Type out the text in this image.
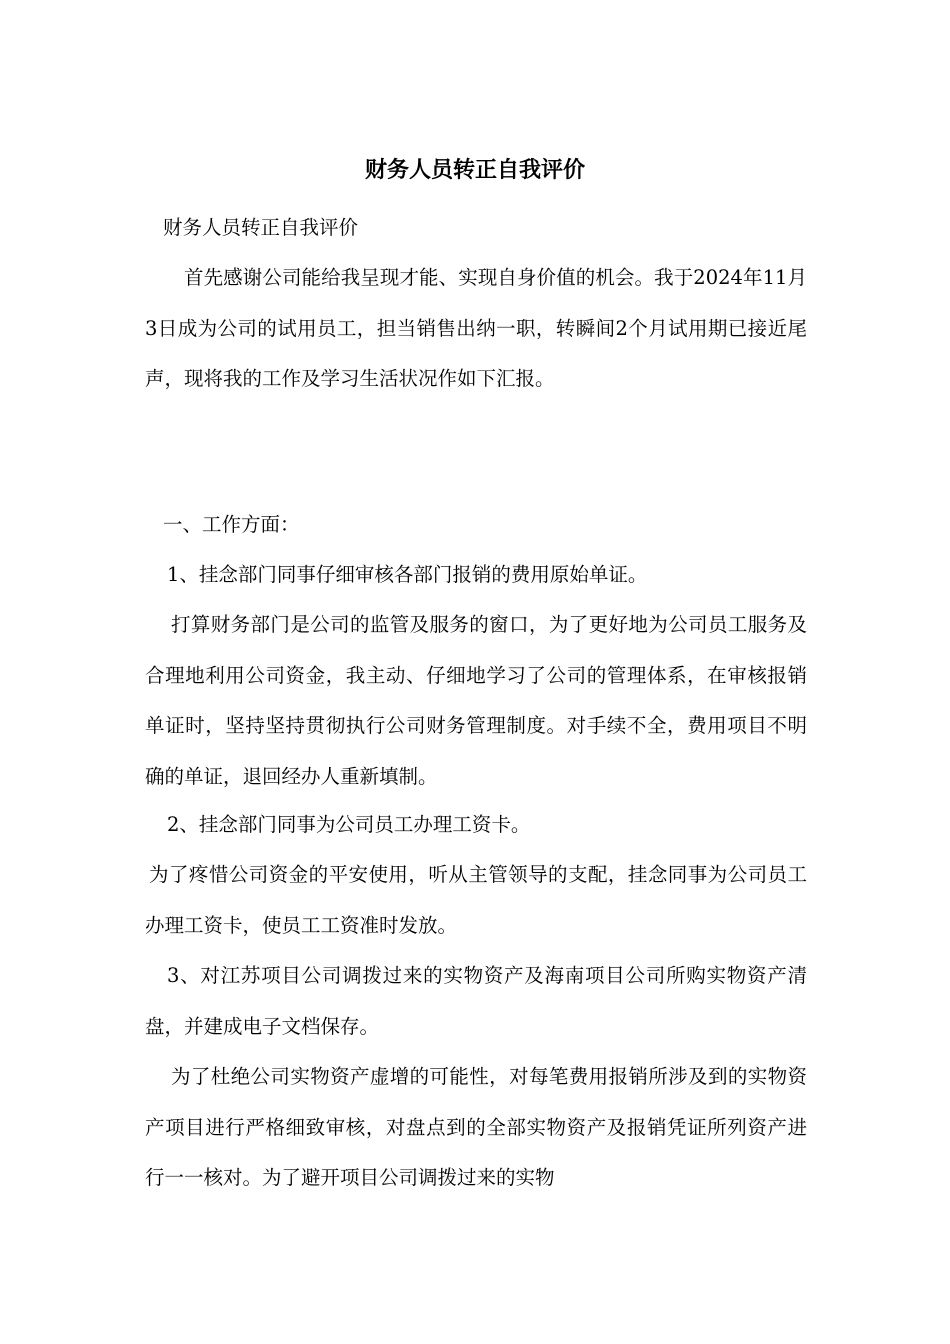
财务人员转正自我评价

财务人员转正自我评价

首先感谢公司能给我呈现才能、实现自身价值的机会。我于2024年11月3日成为公司的试用员工，担当销售出纳一职，转瞬间2个月试用期已接近尾声，现将我的工作及学习生活状况作如下汇报。

一、工作方面：

1、挂念部门同事仔细审核各部门报销的费用原始单证。

打算财务部门是公司的监管及服务的窗口，为了更好地为公司员工服务及合理地利用公司资金，我主动、仔细地学习了公司的管理体系，在审核报销单证时，坚持坚持贯彻执行公司财务管理制度。对手续不全，费用项目不明确的单证，退回经办人重新填制。

2、挂念部门同事为公司员工办理工资卡。

为了疼惜公司资金的平安使用，听从主管领导的支配，挂念同事为公司员工办理工资卡，使员工工资准时发放。

3、对江苏项目公司调拨过来的实物资产及海南项目公司所购实物资产清盘，并建成电子文档保存。

为了杜绝公司实物资产虚增的可能性，对每笔费用报销所涉及到的实物资产项目进行严格细致审核，对盘点到的全部实物资产及报销凭证所列资产进行一一核对。为了避开项目公司调拨过来的实物
